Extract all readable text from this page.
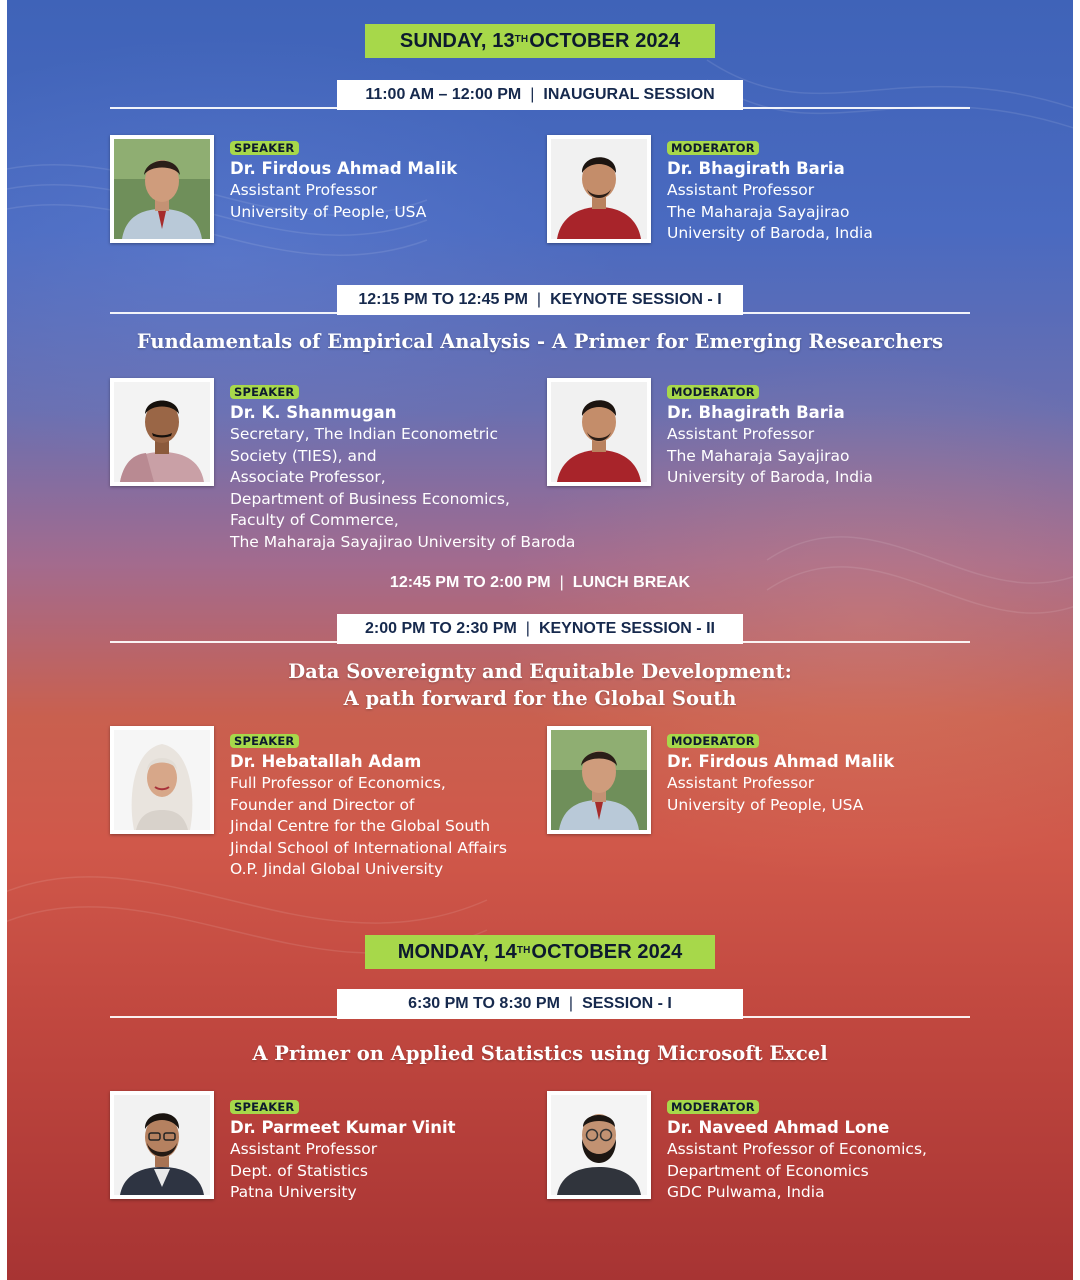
SUNDAY, 13TH OCTOBER 2024
11:00 AM – 12:00 PM | INAUGURAL SESSION
SPEAKER
Dr. Firdous Ahmad Malik
Assistant Professor
University of People, USA
MODERATOR
Dr. Bhagirath Baria
Assistant Professor
The Maharaja Sayajirao
University of Baroda, India
12:15 PM TO 12:45 PM | KEYNOTE SESSION - I
Fundamentals of Empirical Analysis - A Primer for Emerging Researchers
SPEAKER
Dr. K. Shanmugan
Secretary, The Indian Econometric
Society (TIES), and
Associate Professor,
Department of Business Economics,
Faculty of Commerce,
The Maharaja Sayajirao University of Baroda
MODERATOR
Dr. Bhagirath Baria
Assistant Professor
The Maharaja Sayajirao
University of Baroda, India
12:45 PM TO 2:00 PM | LUNCH BREAK
2:00 PM TO 2:30 PM | KEYNOTE SESSION - II
Data Sovereignty and Equitable Development:
A path forward for the Global South
SPEAKER
Dr. Hebatallah Adam
Full Professor of Economics,
Founder and Director of
Jindal Centre for the Global South
Jindal School of International Affairs
O.P. Jindal Global University
MODERATOR
Dr. Firdous Ahmad Malik
Assistant Professor
University of People, USA
MONDAY, 14TH OCTOBER 2024
6:30 PM TO 8:30 PM | SESSION - I
A Primer on Applied Statistics using Microsoft Excel
SPEAKER
Dr. Parmeet Kumar Vinit
Assistant Professor
Dept. of Statistics
Patna University
MODERATOR
Dr. Naveed Ahmad Lone
Assistant Professor of Economics,
Department of Economics
GDC Pulwama, India
